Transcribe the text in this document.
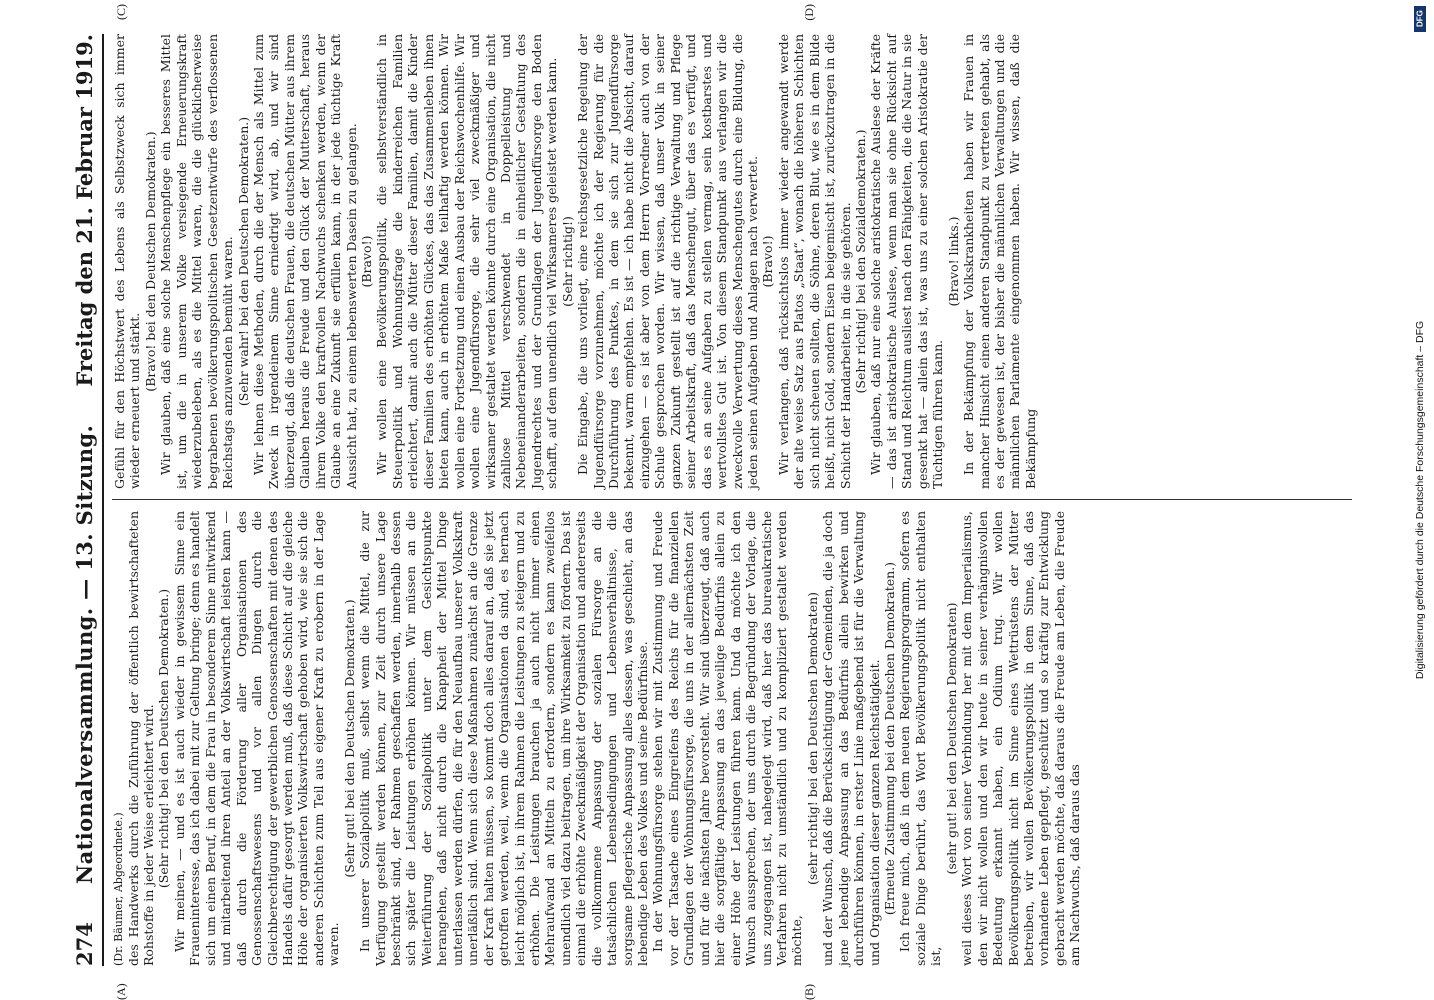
274
Nationalversammlung. — 13. Sitzung.
Freitag den 21. Februar 1919.
(A)	(B)

(Dr. Bäumer, Abgeordnete.) des Handwerks durch die Zuführung der öffentlich bewirtschafteten Rohstoffe in jeder Weise erleichtert wird. (Sehr richtig! bei den Deutschen Demokraten.) Wir meinen, — und es ist auch wieder in gewissem Sinne ein Fraueninteresse, das ich dabei mit zur Geltung bringe; denn es handelt sich um einen Beruf, in dem die Frau in besonderem Sinne mitwirkend und mitarbeitend ihren Anteil an der Volkswirtschaft leisten kann — daß durch die Förderung aller Organisationen des Genossenschaftswesens und vor allen Dingen durch die Gleichberechtigung der gewerblichen Genossenschaften mit denen des Handels dafür gesorgt werden muß, daß diese Schicht auf die gleiche Höhe der organisierten Volkswirtschaft gehoben wird, wie sie sich die anderen Schichten zum Teil aus eigener Kraft zu erobern in der Lage waren.

(Sehr gut! bei den Deutschen Demokraten.) In unserer Sozialpolitik muß, selbst wenn die Mittel, die zur Verfügung gestellt werden können, zur Zeit durch unsere Lage beschränkt sind, der Rahmen geschaffen werden, innerhalb dessen sich später die Leistungen erhöhen können. Wir müssen an die Weiterführung der Sozialpolitik unter dem Gesichtspunkte herangehen, daß nicht durch die Knappheit der Mittel Dinge unterlassen werden dürfen, die für den Neuaufbau unserer Volkskraft unerläßlich sind. Wenn sich diese Maßnahmen zunächst an die Grenze der Kraft halten müssen, so kommt doch alles darauf an, daß sie jetzt getroffen werden, weil, wenn die Organisationen da sind, es hernach leicht möglich ist, in ihrem Rahmen die Leistungen zu steigern und zu erhöhen. Die Leistungen brauchen ja auch nicht immer einen Mehraufwand an Mitteln zu erfordern, sondern es kann zweifellos unendlich viel dazu beitragen, um ihre Wirksamkeit zu fördern. Das ist einmal die erhöhte Zweckmäßigkeit der Organisation und andererseits die vollkommene Anpassung der sozialen Fürsorge an die tatsächlichen Lebensbedingungen und Lebensverhältnisse, die sorgsame pflegerische Anpassung alles dessen, was geschieht, an das lebendige Leben des Volkes und seine Bedürfnisse. In der Wohnungsfürsorge stehen wir mit Zustimmung und Freude vor der Tatsache eines Eingreifens des Reichs für die finanziellen Grundlagen der Wohnungsfürsorge, die uns in der allernächsten Zeit und für die nächsten Jahre bevorsteht. Wir sind überzeugt, daß auch hier die sorgfältige Anpassung an das jeweilige Bedürfnis allein zu einer Höhe der Leistungen führen kann. Und da möchte ich den Wunsch aussprechen, der uns durch die Begründung der Vorlage, die uns zugegangen ist, nahegelegt wird, daß hier das bureaukratische Verfahren nicht zu umständlich und zu kompliziert gestaltet werden möchte,

(sehr richtig! bei den Deutschen Demokraten) und der Wunsch, daß die Berücksichtigung der Gemeinden, die ja doch jene lebendige Anpassung an das Bedürfnis allein bewirken und durchführen können, in erster Linie maßgebend ist für die Verwaltung und Organisation dieser ganzen Reichstätigkeit. (Erneute Zustimmung bei den Deutschen Demokraten.) Ich freue mich, daß in dem neuen Regierungsprogramm, sofern es soziale Dinge berührt, das Wort Bevölkerungspolitik nicht enthalten ist,

(sehr gut! bei den Deutschen Demokraten) weil dieses Wort von seiner Verbindung her mit dem Imperialismus, den wir nicht wollen und den wir heute in seiner verhängnisvollen Bedeutung erkannt haben, ein Odium trug. Wir wollen Bevölkerungspolitik nicht im Sinne eines Wettrüstens der Mütter betreiben, wir wollen Bevölkerungspolitik in dem Sinne, daß das vorhandene Leben gepflegt, geschützt und so kräftig zur Entwicklung gebracht werden möchte, daß daraus die Freude am Leben, die Freude am Nachwuchs, daß daraus das

(C)	(D)

Gefühl für den Höchstwert des Lebens als Selbstzweck sich immer wieder erneuert und stärkt.

(Bravo! bei den Deutschen Demokraten.) Wir glauben, daß eine solche Menschenpflege ein besseres Mittel ist, um die in unserem Volke versiegende Erneuerungskraft wiederzubeleben, als es die Mittel waren, die die glücklicherweise begrabenen bevölkerungspolitischen Gesetzentwürfe des verflossenen Reichstags anzuwenden bemüht waren. (Sehr wahr! bei den Deutschen Demokraten.) Wir lehnen diese Methoden, durch die der Mensch als Mittel zum Zweck in irgendeinem Sinne erniedrigt wird, ab, und wir sind überzeugt, daß die deutschen Frauen, die deutschen Mütter aus ihrem Glauben heraus die Freude und den Glück der Mutterschaft, heraus ihrem Volke den kraftvollen Nachwuchs schenken werden, wenn der Glaube an eine Zukunft sie erfüllen kann, in der jede tüchtige Kraft Aussicht hat, zu einem lebenswerten Dasein zu gelangen. (Bravo!) Wir wollen eine Bevölkerungspolitik, die selbstverständlich in Steuerpolitik und Wohnungsfrage die kinderreichen Familien erleichtert, damit auch die Mütter dieser Familien, damit die Kinder dieser Familien des erhöhten Glückes, das das Zusammenleben ihnen bieten kann, auch in erhöhtem Maße teilhaftig werden können. Wir wollen eine Fortsetzung und einen Ausbau der Reichswochenhilfe. Wir wollen eine Jugendfürsorge, die sehr viel zweckmäßiger und wirksamer gestaltet werden könnte durch eine Organisation, die nicht zahllose Mittel verschwendet in Doppelleistung und Nebeneinanderarbeiten, sondern die in einheitlicher Gestaltung des Jugendrechtes und der Grundlagen der Jugendfürsorge den Boden schafft, auf dem unendlich viel Wirksameres geleistet werden kann. (Sehr richtig!) Die Eingabe, die uns vorliegt, eine reichsgesetzliche Regelung der Jugendfürsorge vorzunehmen, möchte ich der Regierung für die Durchführung des Punktes, in dem sie sich zur Jugendfürsorge bekennt, warm empfehlen. Es ist — ich habe nicht die Absicht, darauf einzugehen — es ist aber von dem Herrn Vorredner auch von der Schule gesprochen worden. Wir wissen, daß unser Volk in seiner ganzen Zukunft gestellt ist auf die richtige Verwaltung und Pflege seiner Arbeitskraft, daß das Menschengut, über das es verfügt, und das es an seine Aufgaben zu stellen vermag, sein kostbarstes und wertvollstes Gut ist. Von diesem Standpunkt aus verlangen wir die zweckvolle Verwertung dieses Menschengutes durch eine Bildung, die jeden seinen Aufgaben und Anlagen nach verwertet. (Bravo!) Wir verlangen, daß rücksichtslos immer wieder angewandt werde der alte weise Satz aus Platos „Staat“, wonach die höheren Schichten sich nicht scheuen sollten, die Söhne, deren Blut, wie es in dem Bilde heißt, nicht Gold, sondern Eisen beigemischt ist, zurückzutragen in die Schicht der Handarbeiter, in die sie gehören. (Sehr richtig! bei den Sozialdemokraten.) Wir glauben, daß nur eine solche aristokratische Auslese der Kräfte — das ist aristokratische Auslese, wenn man sie ohne Rücksicht auf Stand und Reichtum ausliest nach den Fähigkeiten, die die Natur in sie gesenkt hat — allein das ist, was uns zu einer solchen Aristokratie der Tüchtigen führen kann.

(Bravo! links.) In der Bekämpfung der Volkskrankheiten haben wir Frauen in mancher Hinsicht einen anderen Standpunkt zu vertreten gehabt, als es der gewesen ist, der bisher die männlichen Verwaltungen und die männlichen Parlamente eingenommen haben. Wir wissen, daß die Bekämpfung	Digitalisierung gefördert durch die Deutsche Forschungsgemeinschaft – DFG
DFG
